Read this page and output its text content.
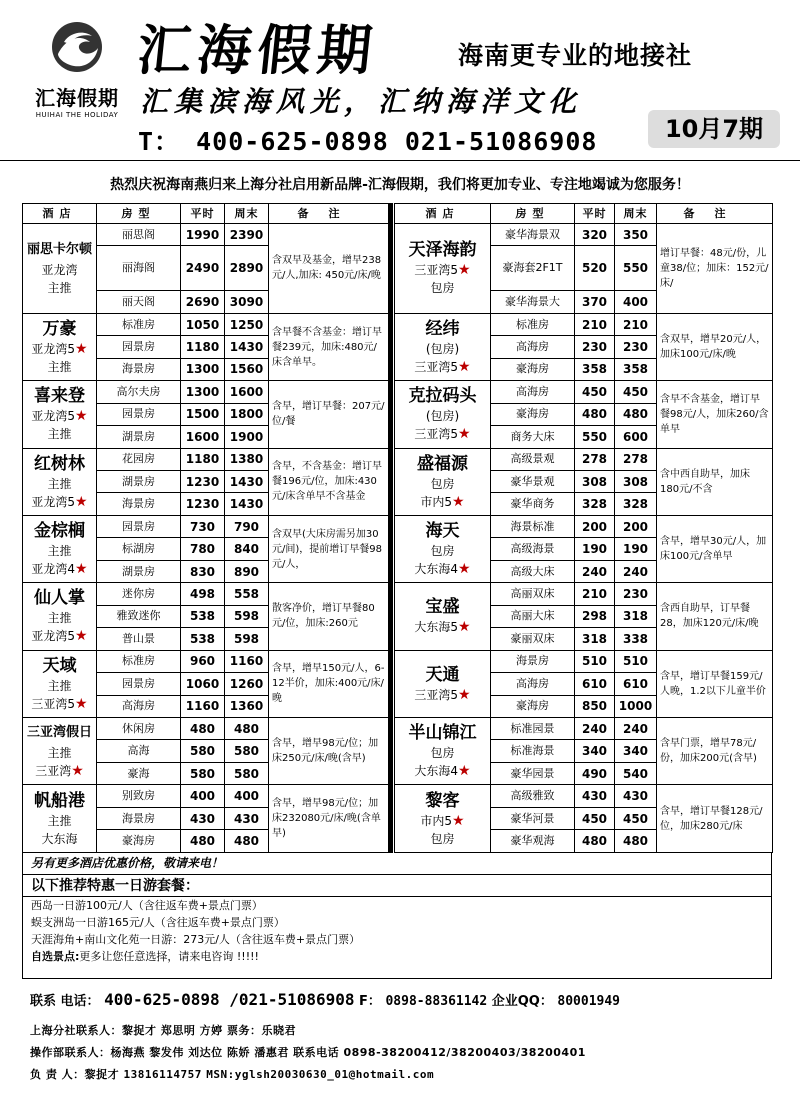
汇海假期
HUIHAI THE HOLIDAY
汇海假期	海南更专业的地接社
汇集滨海风光，汇纳海洋文化
T： 400-625-0898 021-51086908	10月7期
热烈庆祝海南燕归来上海分社启用新品牌-汇海假期，我们将更加专业、专注地竭诚为您服务！
酒店	房型	平时	周末	备注

丽思卡尔顿
亚龙湾
主推	丽思阁	1990	2390	含双早及基金，增早238元/人,加床: 450元/床/晚
	丽海阁	2490	2890	
	丽天阁	2690	3090	

万豪
亚龙湾5★
主推	标准房	1050	1250	含早餐不含基金：增订早餐239元，加床:480元/床含单早。
	园景房	1180	1430	
	海景房	1300	1560	

喜来登
亚龙湾5★
主推	高尔夫房	1300	1600	含早，增订早餐：207元/位/餐
	园景房	1500	1800	
	湖景房	1600	1900	

红树林
主推
亚龙湾5★	花园房	1180	1380	含早，不含基金：增订早餐196元/位，加床:430元/床含单早不含基金
	湖景房	1230	1430	
	海景房	1230	1430	

金棕榈
主推
亚龙湾4★	园景房	730	790	含双早(大床房需另加30元/间)，提前增订早餐98元/人，
	标湖房	780	840	
	湖景房	830	890	

仙人掌
主推
亚龙湾5★	迷你房	498	558	散客净价，增订早餐80元/位，加床:260元
	雅致迷你	538	598	
	普山景	538	598	

天域
主推
三亚湾5★	标准房	960	1160	含早，增早150元/人，6-12半价，加床:400元/床/晚
	园景房	1060	1260	
	高海房	1160	1360	

三亚湾假日
主推
三亚湾★	休闲房	480	480	含早，增早98元/位；加床250元/床/晚(含早)
	高海	580	580	
	豪海	580	580	

帆船港
主推
大东海	别致房	400	400	含早，增早98元/位；加床232080元/床/晚(含单早)
	海景房	430	430	
	豪海房	480	480	
酒店	房型	平时	周末	备注

天泽海韵
三亚湾5★
包房	豪华海景双	320	350	增订早餐：48元/份，儿童38/位；加床：152元/床/
	豪海套2F1T	520	550	
	豪华海景大	370	400	

经纬
(包房)
三亚湾5★	标准房	210	210	含双早，增早20元/人，加床100元/床/晚
	高海房	230	230	
	豪海房	358	358	

克拉码头
(包房)
三亚湾5★	高海房	450	450	含早不含基金，增订早餐98元/人，加床260/含单早
	豪海房	480	480	
	商务大床	550	600	

盛福源
包房
市内5★	高级景观	278	278	含中西自助早，加床180元/不含
	豪华景观	308	308	
	豪华商务	328	328	

海天
包房
大东海4★	海景标准	200	200	含早，增早30元/人，加床100元/含单早
	高级海景	190	190	
	高级大床	240	240	

宝盛
大东海5★	高丽双床	210	230	含西自助早，订早餐28，加床120元/床/晚
	高丽大床	298	318	
	豪丽双床	318	338	

天通
三亚湾5★	海景房	510	510	含早，增订早餐159元/人晚，1.2以下儿童半价
	高海房	610	610	
	豪海房	850	1000	

半山锦江
包房
大东海4★	标准园景	240	240	含早门票，增早78元/份，加床200元(含早)
	标准海景	340	340	
	豪华园景	490	540	

黎客
市内5★
包房	高级雅致	430	430	含早，增订早餐128元/位，加床280元/床
	豪华河景	450	450	
	豪华观海	480	480	
另有更多酒店优惠价格，敬请来电！
以下推荐特惠一日游套餐：
西岛一日游100元/人（含往返车费+景点门票）
蜈支洲岛一日游165元/人（含往返车费+景点门票）
天涯海角+南山文化苑一日游：273元/人（含往返车费+景点门票）
自选景点:更多让您任意选择，请来电咨询 !!!!!
联系 电话： 400-625-0898 /021-51086908 F： 0898-88361142 企业QQ： 80001949
上海分社联系人：黎捉才 郑思明 方婷 票务：乐晓君
操作部联系人：杨海燕 黎发伟 刘达位 陈娇 潘惠君 联系电话 0898-38200412/38200403/38200401
负 责 人：黎捉才 13816114757 MSN:yglsh20030630_01@hotmail.com
